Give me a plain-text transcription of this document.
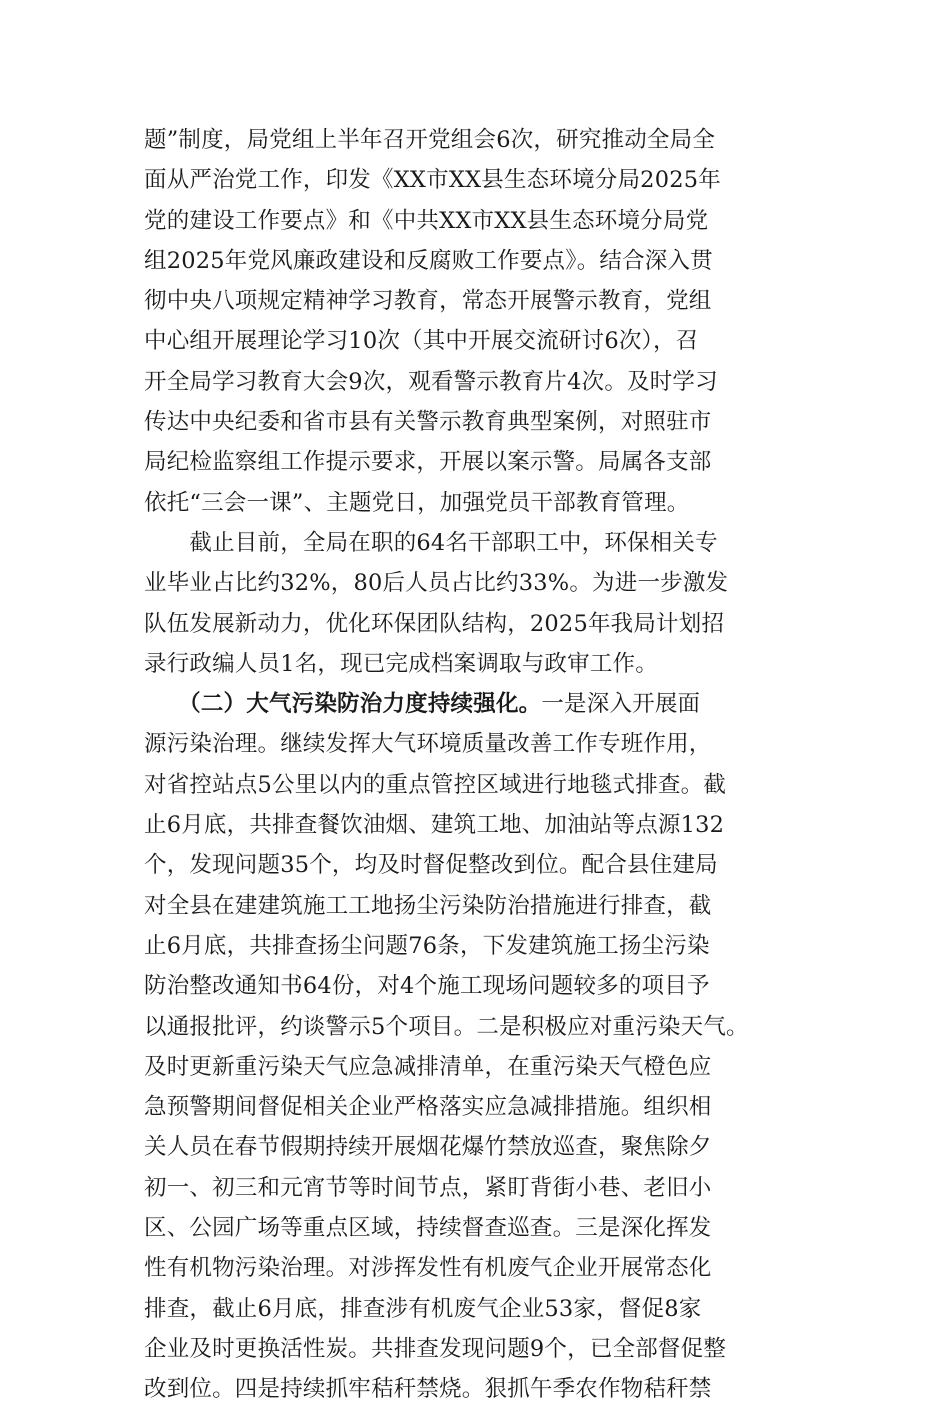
题”制度，局党组上半年召开党组会6次，研究推动全局全
面从严治党工作，印发《XX市XX县生态环境分局2025年
党的建设工作要点》和《中共XX市XX县生态环境分局党
组2025年党风廉政建设和反腐败工作要点》。结合深入贯
彻中央八项规定精神学习教育，常态开展警示教育，党组
中心组开展理论学习10次（其中开展交流研讨6次），召
开全局学习教育大会9次，观看警示教育片4次。及时学习
传达中央纪委和省市县有关警示教育典型案例，对照驻市
局纪检监察组工作提示要求，开展以案示警。局属各支部
依托“三会一课”、主题党日，加强党员干部教育管理。
　　截止目前，全局在职的64名干部职工中，环保相关专
业毕业占比约32%，80后人员占比约33%。为进一步激发
队伍发展新动力，优化环保团队结构，2025年我局计划招
录行政编人员1名，现已完成档案调取与政审工作。
　　（二）大气污染防治力度持续强化。一是深入开展面
源污染治理。继续发挥大气环境质量改善工作专班作用，
对省控站点5公里以内的重点管控区域进行地毯式排查。截
止6月底，共排查餐饮油烟、建筑工地、加油站等点源132
个，发现问题35个，均及时督促整改到位。配合县住建局
对全县在建建筑施工工地扬尘污染防治措施进行排查，截
止6月底，共排查扬尘问题76条，下发建筑施工扬尘污染
防治整改通知书64份，对4个施工现场问题较多的项目予
以通报批评，约谈警示5个项目。二是积极应对重污染天气。
及时更新重污染天气应急减排清单，在重污染天气橙色应
急预警期间督促相关企业严格落实应急减排措施。组织相
关人员在春节假期持续开展烟花爆竹禁放巡查，聚焦除夕
初一、初三和元宵节等时间节点，紧盯背街小巷、老旧小
区、公园广场等重点区域，持续督查巡查。三是深化挥发
性有机物污染治理。对涉挥发性有机废气企业开展常态化
排查，截止6月底，排查涉有机废气企业53家，督促8家
企业及时更换活性炭。共排查发现问题9个，已全部督促整
改到位。四是持续抓牢秸秆禁烧。狠抓午季农作物秸秆禁
